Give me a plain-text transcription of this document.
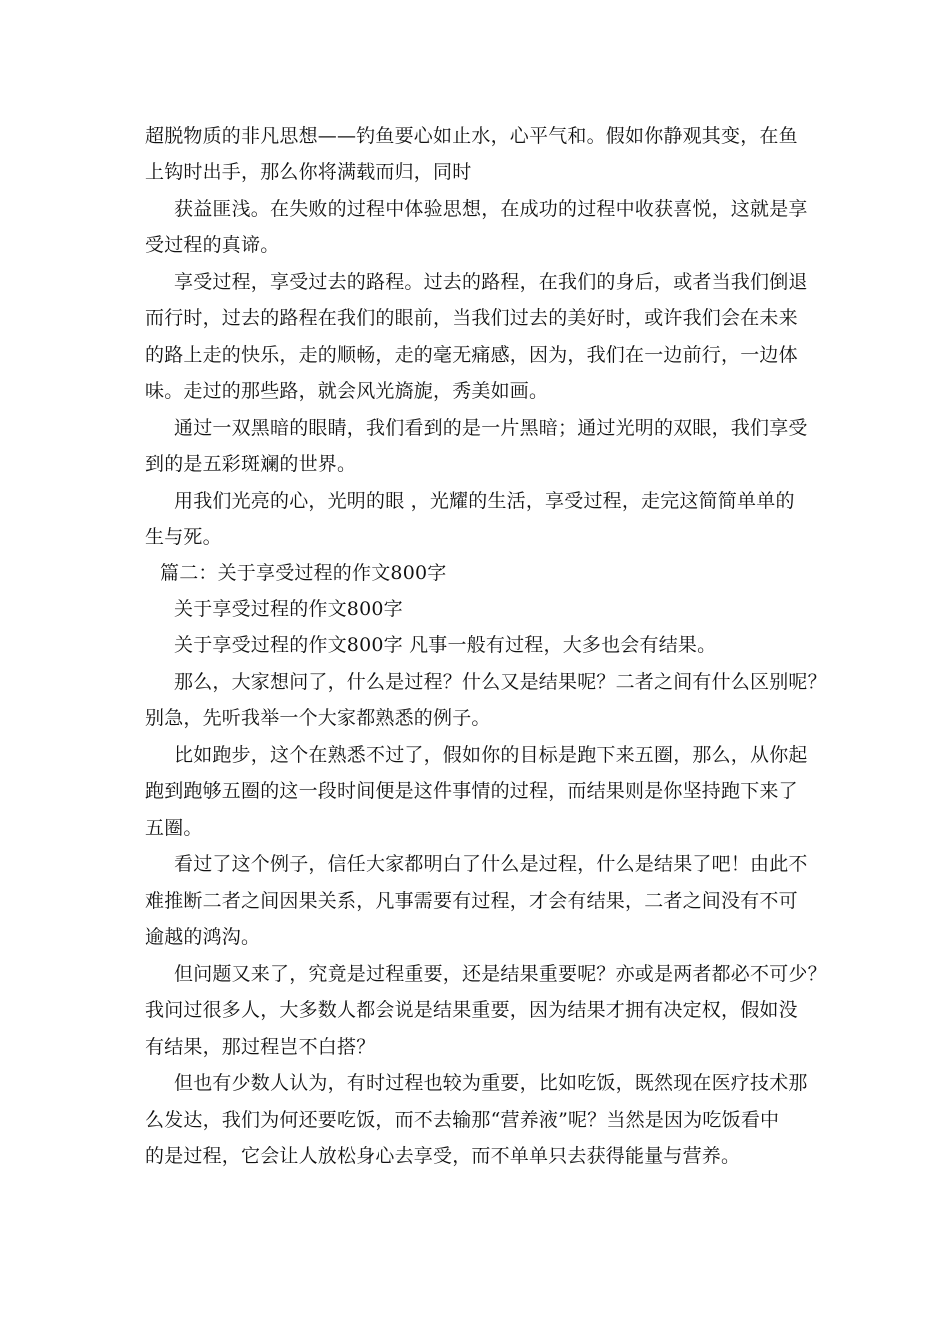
超脱物质的非凡思想——钓鱼要心如止水，心平气和。假如你静观其变，在鱼
上钩时出手，那么你将满载而归，同时
获益匪浅。在失败的过程中体验思想，在成功的过程中收获喜悦，这就是享
受过程的真谛。
享受过程，享受过去的路程。过去的路程，在我们的身后，或者当我们倒退
而行时，过去的路程在我们的眼前，当我们过去的美好时，或许我们会在未来
的路上走的快乐，走的顺畅，走的毫无痛感，因为，我们在一边前行，一边体
味。走过的那些路，就会风光旖旎，秀美如画。
通过一双黑暗的眼睛，我们看到的是一片黑暗；通过光明的双眼，我们享受
到的是五彩斑斓的世界。
用我们光亮的心，光明的眼 ，光耀的生活，享受过程，走完这简简单单的
生与死。
篇二：关于享受过程的作文800字
关于享受过程的作文800字
关于享受过程的作文800字 凡事一般有过程，大多也会有结果。
那么，大家想问了，什么是过程？什么又是结果呢？二者之间有什么区别呢？
别急，先听我举一个大家都熟悉的例子。
比如跑步，这个在熟悉不过了，假如你的目标是跑下来五圈，那么，从你起
跑到跑够五圈的这一段时间便是这件事情的过程，而结果则是你坚持跑下来了
五圈。
看过了这个例子，信任大家都明白了什么是过程，什么是结果了吧！由此不
难推断二者之间因果关系，凡事需要有过程，才会有结果，二者之间没有不可
逾越的鸿沟。
但问题又来了，究竟是过程重要，还是结果重要呢？亦或是两者都必不可少？
我问过很多人，大多数人都会说是结果重要，因为结果才拥有决定权，假如没
有结果，那过程岂不白搭？
但也有少数人认为，有时过程也较为重要，比如吃饭，既然现在医疗技术那
么发达，我们为何还要吃饭，而不去输那“营养液”呢？当然是因为吃饭看中
的是过程，它会让人放松身心去享受，而不单单只去获得能量与营养。
